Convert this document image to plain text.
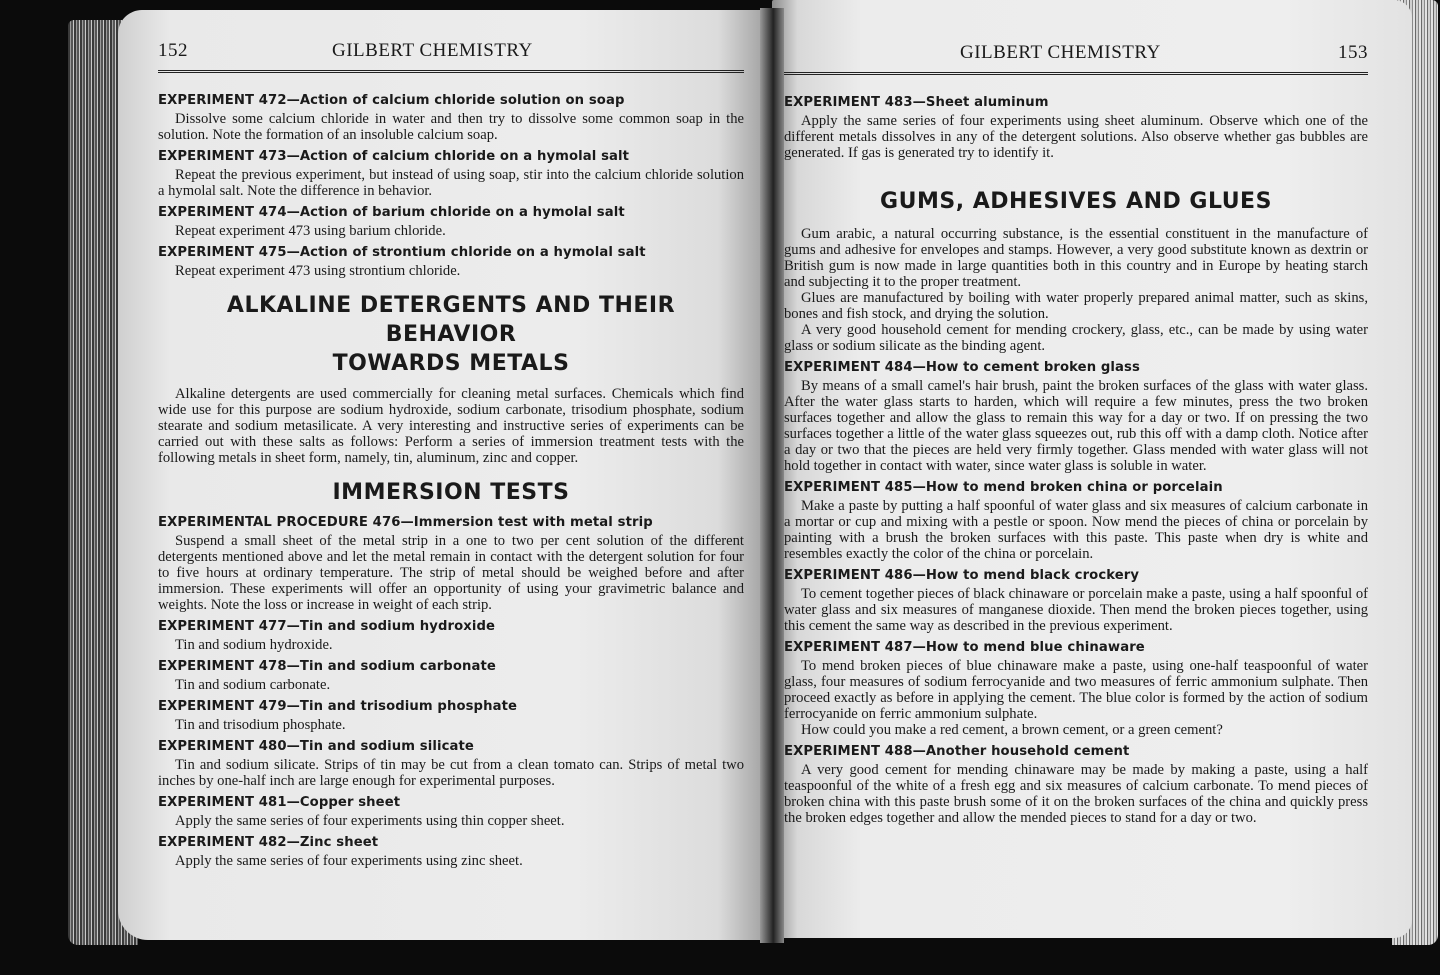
152	GILBERT CHEMISTRY
EXPERIMENT 472—Action of calcium chloride solution on soap

Dissolve some calcium chloride in water and then try to dissolve some common soap in the solution. Note the formation of an insoluble calcium soap.

EXPERIMENT 473—Action of calcium chloride on a hymolal salt

Repeat the previous experiment, but instead of using soap, stir into the calcium chloride solution a hymolal salt. Note the difference in behavior.

EXPERIMENT 474—Action of barium chloride on a hymolal salt

Repeat experiment 473 using barium chloride.

EXPERIMENT 475—Action of strontium chloride on a hymolal salt

Repeat experiment 473 using strontium chloride.

ALKALINE DETERGENTS AND THEIR BEHAVIOR
TOWARDS METALS

Alkaline detergents are used commercially for cleaning metal surfaces. Chemicals which find wide use for this purpose are sodium hydroxide, sodium carbonate, trisodium phosphate, sodium stearate and sodium metasilicate. A very interesting and instructive series of experiments can be carried out with these salts as follows: Perform a series of immersion treatment tests with the following metals in sheet form, namely, tin, aluminum, zinc and copper.

IMMERSION TESTS
EXPERIMENTAL PROCEDURE 476—Immersion test with metal strip

Suspend a small sheet of the metal strip in a one to two per cent solution of the different detergents mentioned above and let the metal remain in contact with the detergent solution for four to five hours at ordinary temperature. The strip of metal should be weighed before and after immersion. These experiments will offer an opportunity of using your gravimetric balance and weights. Note the loss or increase in weight of each strip.

EXPERIMENT 477—Tin and sodium hydroxide

Tin and sodium hydroxide.

EXPERIMENT 478—Tin and sodium carbonate

Tin and sodium carbonate.

EXPERIMENT 479—Tin and trisodium phosphate

Tin and trisodium phosphate.

EXPERIMENT 480—Tin and sodium silicate

Tin and sodium silicate. Strips of tin may be cut from a clean tomato can. Strips of metal two inches by one-half inch are large enough for experimental purposes.

EXPERIMENT 481—Copper sheet

Apply the same series of four experiments using thin copper sheet.

EXPERIMENT 482—Zinc sheet

Apply the same series of four experiments using zinc sheet.

GILBERT CHEMISTRY	153
EXPERIMENT 483—Sheet aluminum

Apply the same series of four experiments using sheet aluminum. Observe which one of the different metals dissolves in any of the detergent solutions. Also observe whether gas bubbles are generated. If gas is generated try to identify it.

GUMS, ADHESIVES AND GLUES

Gum arabic, a natural occurring substance, is the essential constituent in the manufacture of gums and adhesive for envelopes and stamps. However, a very good substitute known as dextrin or British gum is now made in large quantities both in this country and in Europe by heating starch and subjecting it to the proper treatment.

Glues are manufactured by boiling with water properly prepared animal matter, such as skins, bones and fish stock, and drying the solution.

A very good household cement for mending crockery, glass, etc., can be made by using water glass or sodium silicate as the binding agent.

EXPERIMENT 484—How to cement broken glass

By means of a small camel's hair brush, paint the broken surfaces of the glass with water glass. After the water glass starts to harden, which will require a few minutes, press the two broken surfaces together and allow the glass to remain this way for a day or two. If on pressing the two surfaces together a little of the water glass squeezes out, rub this off with a damp cloth. Notice after a day or two that the pieces are held very firmly together. Glass mended with water glass will not hold together in contact with water, since water glass is soluble in water.

EXPERIMENT 485—How to mend broken china or porcelain

Make a paste by putting a half spoonful of water glass and six measures of calcium carbonate in a mortar or cup and mixing with a pestle or spoon. Now mend the pieces of china or porcelain by painting with a brush the broken surfaces with this paste. This paste when dry is white and resembles exactly the color of the china or porcelain.

EXPERIMENT 486—How to mend black crockery

To cement together pieces of black chinaware or porcelain make a paste, using a half spoonful of water glass and six measures of manganese dioxide. Then mend the broken pieces together, using this cement the same way as described in the previous experiment.

EXPERIMENT 487—How to mend blue chinaware

To mend broken pieces of blue chinaware make a paste, using one-half teaspoonful of water glass, four measures of sodium ferrocyanide and two measures of ferric ammonium sulphate. Then proceed exactly as before in applying the cement. The blue color is formed by the action of sodium ferrocyanide on ferric ammonium sulphate.

How could you make a red cement, a brown cement, or a green cement?

EXPERIMENT 488—Another household cement

A very good cement for mending chinaware may be made by making a paste, using a half teaspoonful of the white of a fresh egg and six measures of calcium carbonate. To mend pieces of broken china with this paste brush some of it on the broken surfaces of the china and quickly press the broken edges together and allow the mended pieces to stand for a day or two.
